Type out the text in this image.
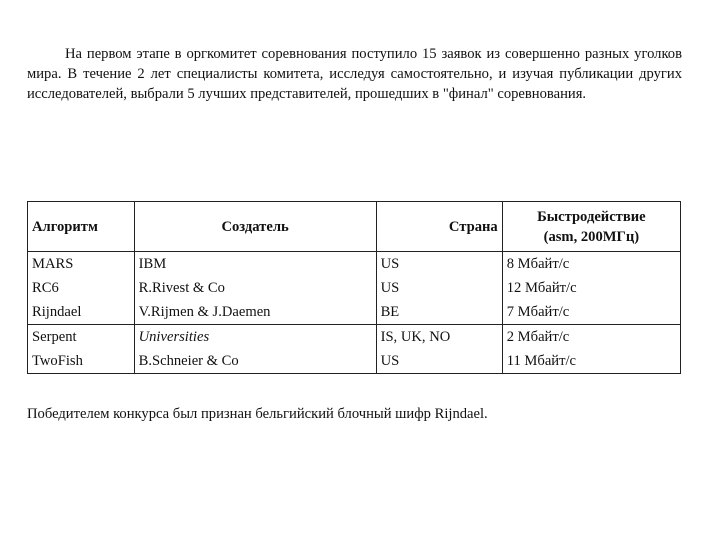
На первом этапе в оргкомитет соревнования поступило 15 заявок из совершенно разных уголков мира. В течение 2 лет специалисты комитета, исследуя самостоятельно, и изучая публикации других исследователей, выбрали 5 лучших представителей, прошедших в "финал" соревнования.

Алгоритм	Создатель	Страна	Быстродействие
(asm, 200МГц)
MARS	IBM	US	8 Мбайт/с
RC6	R.Rivest & Co	US	12 Мбайт/с
Rijndael	V.Rijmen & J.Daemen	BE	7 Мбайт/с
Serpent	Universities	IS, UK, NO	2 Мбайт/с
TwoFish	B.Schneier & Co	US	11 Мбайт/с

Победителем конкурса был признан бельгийский блочный шифр Rijndael.
